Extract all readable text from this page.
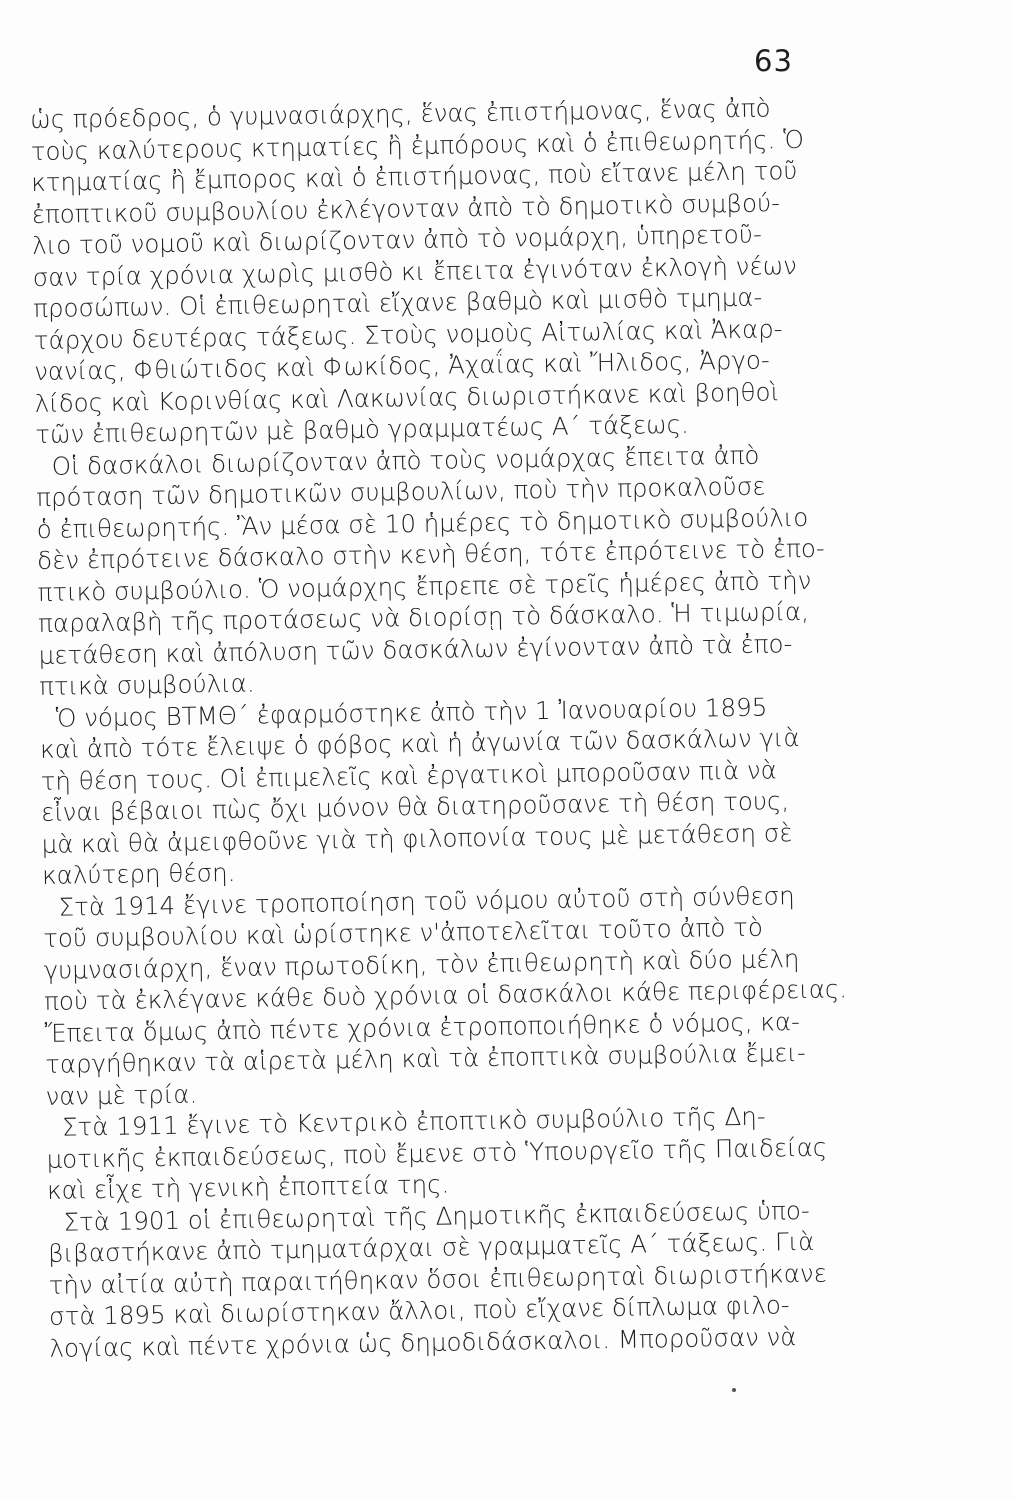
63
ὡς πρόεδρος, ὁ γυμνασιάρχης, ἕνας ἐπιστήμονας, ἕνας ἀπὸ
τοὺς καλύτερους κτηματίες ἢ ἐμπόρους καὶ ὁ ἐπιθεωρητής. Ὁ
κτηματίας ἢ ἔμπορος καὶ ὁ ἐπιστήμονας, ποὺ εἴτανε μέλη τοῦ
ἐποπτικοῦ συμβουλίου ἐκλέγονταν ἀπὸ τὸ δημοτικὸ συμβού-
λιο τοῦ νομοῦ καὶ διωρίζονταν ἀπὸ τὸ νομάρχη, ὑπηρετοῦ-
σαν τρία χρόνια χωρὶς μισθὸ κι ἔπειτα ἐγινόταν ἐκλογὴ νέων
προσώπων. Οἱ ἐπιθεωρηταὶ εἴχανε βαθμὸ καὶ μισθὸ τμημα-
τάρχου δευτέρας τάξεως. Στοὺς νομοὺς Αἰτωλίας καὶ Ἀκαρ-
νανίας, Φθιώτιδος καὶ Φωκίδος, Ἀχαΐας καὶ Ἤλιδος, Ἀργο-
λίδος καὶ Κορινθίας καὶ Λακωνίας διωριστήκανε καὶ βοηθοὶ
τῶν ἐπιθεωρητῶν μὲ βαθμὸ γραμματέως Α΄ τάξεως.
Οἱ δασκάλοι διωρίζονταν ἀπὸ τοὺς νομάρχας ἔπειτα ἀπὸ
πρόταση τῶν δημοτικῶν συμβουλίων, ποὺ τὴν προκαλοῦσε
ὁ ἐπιθεωρητής. Ἂν μέσα σὲ 10 ἡμέρες τὸ δημοτικὸ συμβούλιο
δὲν ἐπρότεινε δάσκαλο στὴν κενὴ θέση, τότε ἐπρότεινε τὸ ἐπο-
πτικὸ συμβούλιο. Ὁ νομάρχης ἔπρεπε σὲ τρεῖς ἡμέρες ἀπὸ τὴν
παραλαβὴ τῆς προτάσεως νὰ διορίσῃ τὸ δάσκαλο. Ἡ τιμωρία,
μετάθεση καὶ ἀπόλυση τῶν δασκάλων ἐγίνονταν ἀπὸ τὰ ἐπο-
πτικὰ συμβούλια.
Ὁ νόμος ΒΤΜΘ΄ ἐφαρμόστηκε ἀπὸ τὴν 1 Ἰανουαρίου 1895
καὶ ἀπὸ τότε ἔλειψε ὁ φόβος καὶ ἡ ἀγωνία τῶν δασκάλων γιὰ
τὴ θέση τους. Οἱ ἐπιμελεῖς καὶ ἐργατικοὶ μποροῦσαν πιὰ νὰ
εἶναι βέβαιοι πὼς ὄχι μόνον θὰ διατηροῦσανε τὴ θέση τους,
μὰ καὶ θὰ ἀμειφθοῦνε γιὰ τὴ φιλοπονία τους μὲ μετάθεση σὲ
καλύτερη θέση.
Στὰ 1914 ἔγινε τροποποίηση τοῦ νόμου αὐτοῦ στὴ σύνθεση
τοῦ συμβουλίου καὶ ὡρίστηκε ν'ἀποτελεῖται τοῦτο ἀπὸ τὸ
γυμνασιάρχη, ἕναν πρωτοδίκη, τὸν ἐπιθεωρητὴ καὶ δύο μέλη
ποὺ τὰ ἐκλέγανε κάθε δυὸ χρόνια οἱ δασκάλοι κάθε περιφέρειας.
Ἔπειτα ὅμως ἀπὸ πέντε χρόνια ἐτροποποιήθηκε ὁ νόμος, κα-
ταργήθηκαν τὰ αἱρετὰ μέλη καὶ τὰ ἐποπτικὰ συμβούλια ἔμει-
ναν μὲ τρία.
Στὰ 1911 ἔγινε τὸ Κεντρικὸ ἐποπτικὸ συμβούλιο τῆς Δη-
μοτικῆς ἐκπαιδεύσεως, ποὺ ἔμενε στὸ Ὑπουργεῖο τῆς Παιδείας
καὶ εἶχε τὴ γενικὴ ἐποπτεία της.
Στὰ 1901 οἱ ἐπιθεωρηταὶ τῆς Δημοτικῆς ἐκπαιδεύσεως ὑπο-
βιβαστήκανε ἀπὸ τμηματάρχαι σὲ γραμματεῖς Α΄ τάξεως. Γιὰ
τὴν αἰτία αὐτὴ παραιτήθηκαν ὅσοι ἐπιθεωρηταὶ διωριστήκανε
στὰ 1895 καὶ διωρίστηκαν ἄλλοι, ποὺ εἴχανε δίπλωμα φιλο-
λογίας καὶ πέντε χρόνια ὡς δημοδιδάσκαλοι. Μποροῦσαν νὰ
